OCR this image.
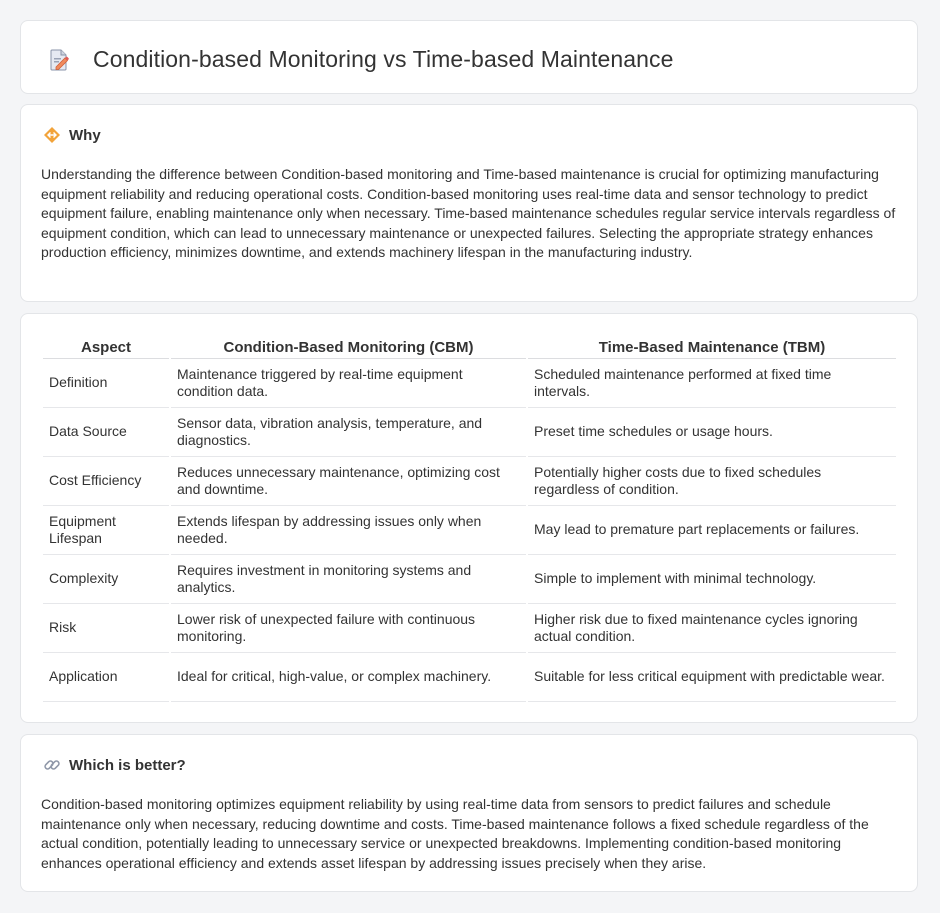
Condition-based Monitoring vs Time-based Maintenance
Why

Understanding the difference between Condition-based monitoring and Time-based maintenance is crucial for optimizing manufacturing equipment reliability and reducing operational costs. Condition-based monitoring uses real-time data and sensor technology to predict equipment failure, enabling maintenance only when necessary. Time-based maintenance schedules regular service intervals regardless of equipment condition, which can lead to unnecessary maintenance or unexpected failures. Selecting the appropriate strategy enhances production efficiency, minimizes downtime, and extends machinery lifespan in the manufacturing industry.

Aspect	Condition-Based Monitoring (CBM)	Time-Based Maintenance (TBM)
Definition	Maintenance triggered by real-time equipment condition data.	Scheduled maintenance performed at fixed time intervals.
Data Source	Sensor data, vibration analysis, temperature, and diagnostics.	Preset time schedules or usage hours.
Cost Efficiency	Reduces unnecessary maintenance, optimizing cost and downtime.	Potentially higher costs due to fixed schedules regardless of condition.
Equipment Lifespan	Extends lifespan by addressing issues only when needed.	May lead to premature part replacements or failures.
Complexity	Requires investment in monitoring systems and analytics.	Simple to implement with minimal technology.
Risk	Lower risk of unexpected failure with continuous monitoring.	Higher risk due to fixed maintenance cycles ignoring actual condition.
Application	Ideal for critical, high-value, or complex machinery.	Suitable for less critical equipment with predictable wear.
Which is better?

Condition-based monitoring optimizes equipment reliability by using real-time data from sensors to predict failures and schedule maintenance only when necessary, reducing downtime and costs. Time-based maintenance follows a fixed schedule regardless of the actual condition, potentially leading to unnecessary service or unexpected breakdowns. Implementing condition-based monitoring enhances operational efficiency and extends asset lifespan by addressing issues precisely when they arise.
